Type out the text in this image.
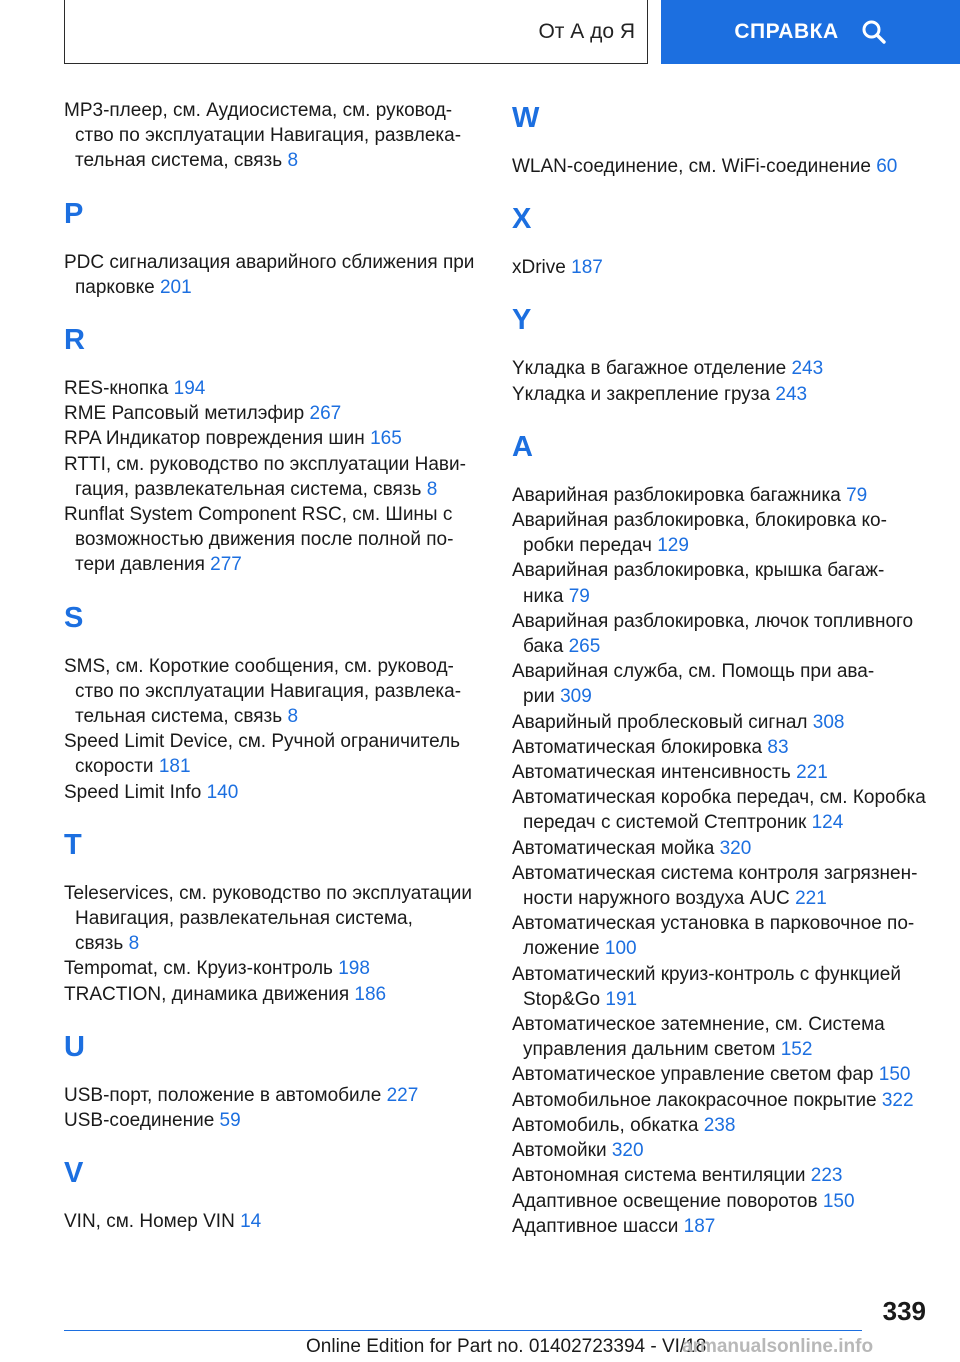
От А до Я	СПРАВКА
MP3-плеер, см. Аудиосистема, см. руковод-
ство по эксплуатации Навигация, развлека-
тельная система, связь 8
P
PDC сигнализация аварийного сближения при
парковке 201
R
RES-кнопка 194
RME Рапсовый метилэфир 267
RPA Индикатор повреждения шин 165
RTTI, см. руководство по эксплуатации Нави-
гация, развлекательная система, связь 8
Runflat System Component RSC, см. Шины с
возможностью движения после полной по-
тери давления 277
S
SMS, см. Короткие сообщения, см. руковод-
ство по эксплуатации Навигация, развлека-
тельная система, связь 8
Speed Limit Device, см. Ручной ограничитель
скорости 181
Speed Limit Info 140
T
Teleservices, см. руководство по эксплуатации
Навигация, развлекательная система,
связь 8
Tempomat, см. Круиз-контроль 198
TRACTION, динамика движения 186
U
USB-порт, положение в автомобиле 227
USB-соединение 59
V
VIN, см. Номер VIN 14
W
WLAN-соединение, см. WiFi-соединение 60
X
xDrive 187
Y
Yкладка в багажное отделение 243
Yкладка и закрепление груза 243
А
Аварийная разблокировка багажника 79
Аварийная разблокировка, блокировка ко-
робки передач 129
Аварийная разблокировка, крышка багаж-
ника 79
Аварийная разблокировка, лючок топливного
бака 265
Аварийная служба, см. Помощь при ава-
рии 309
Аварийный проблесковый сигнал 308
Автоматическая блокировка 83
Автоматическая интенсивность 221
Автоматическая коробка передач, см. Коробка
передач с системой Стептроник 124
Автоматическая мойка 320
Автоматическая система контроля загрязнен-
ности наружного воздуха AUC 221
Автоматическая установка в парковочное по-
ложение 100
Автоматический круиз-контроль с функцией
Stop&Go 191
Автоматическое затемнение, см. Система
управления дальним светом 152
Автоматическое управление светом фар 150
Автомобильное лакокрасочное покрытие 322
Автомобиль, обкатка 238
Автомойки 320
Автономная система вентиляции 223
Адаптивное освещение поворотов 150
Адаптивное шасси 187
339
Online Edition for Part no. 01402723394 - VI/18
armanualsonline.info
